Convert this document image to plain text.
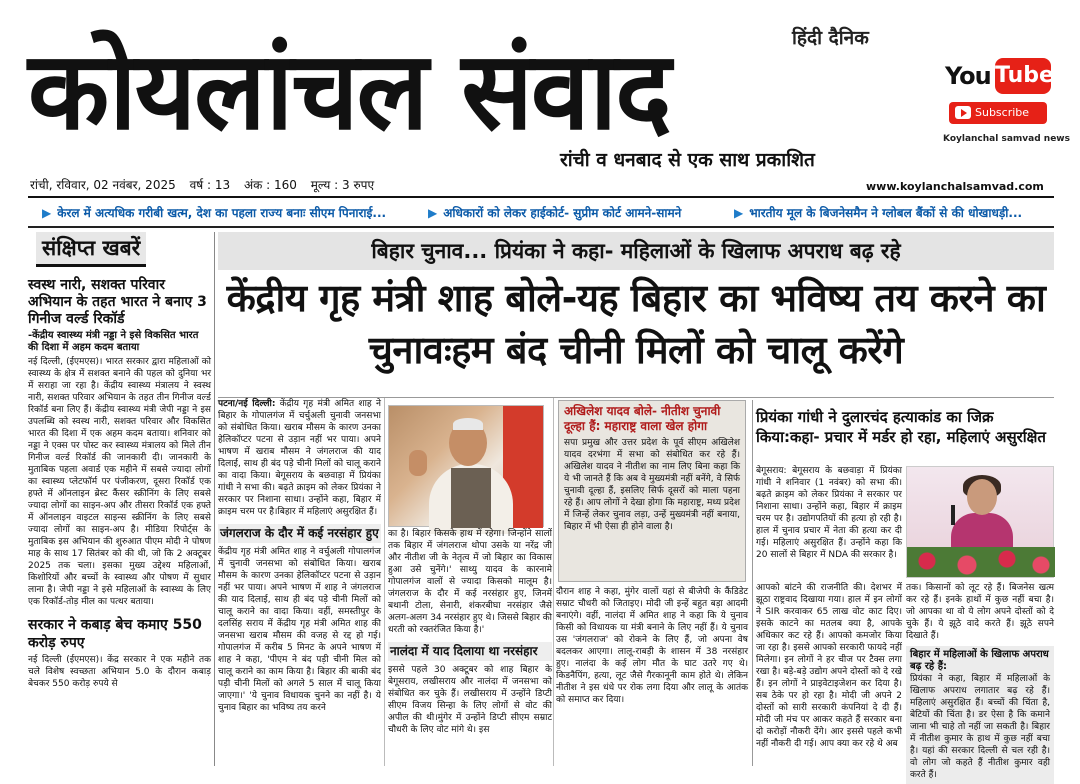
हिंदी दैनिक
कोयलांचल संवाद
रांची व धनबाद से एक साथ प्रकाशित
You Tube
Subscribe
Koylanchal samvad news
रांची, रविवार, 02 नवंबर, 2025 वर्ष : 13 अंक : 160 मूल्य : 3 रुपए	www.koylanchalsamvad.com
▶ केरल में अत्यधिक गरीबी खत्म, देश का पहला राज्य बनाः सीएम पिनाराई...	▶ अधिकारों को लेकर हाईकोर्ट- सुप्रीम कोर्ट आमने-सामने	▶ भारतीय मूल के बिजनेसमैन ने ग्लोबल बैंकों से की धोखाधड़ी...
संक्षिप्त खबरें
स्वस्थ नारी, सशक्त परिवार अभियान के तहत भारत ने बनाए 3 गिनीज वर्ल्ड रिकॉर्ड
-केंद्रीय स्वास्थ्य मंत्री नड्डा ने इसे विकसित भारत की दिशा में अहम कदम बताया
नई दिल्ली, (ईएमएस)। भारत सरकार द्वारा महिलाओं को स्वास्थ्य के क्षेत्र में सशक्त बनाने की पहल को दुनिया भर में सराहा जा रहा है। केंद्रीय स्वास्थ्य मंत्रालय ने स्वस्थ नारी, सशक्त परिवार अभियान के तहत तीन गिनीज वर्ल्ड रिकॉर्ड बना लिए हैं। केंद्रीय स्वास्थ्य मंत्री जेपी नड्डा ने इस उपलब्धि को स्वस्थ नारी, सशक्त परिवार और विकसित भारत की दिशा में एक अहम कदम बताया। शनिवार को नड्डा ने एक्स पर पोस्ट कर स्वास्थ्य मंत्रालय को मिले तीन गिनीज वर्ल्ड रिकॉर्ड की जानकारी दी। जानकारी के मुताबिक पहला अवार्ड एक महीने में सबसे ज्यादा लोगों का स्वास्थ्य प्लेटफॉर्म पर पंजीकरण, दूसरा रिकॉर्ड एक हफ्ते में ऑनलाइन ब्रेस्ट कैंसर स्क्रीनिंग के लिए सबसे ज्यादा लोगों का साइन-अप और तीसरा रिकॉर्ड एक हफ्ते में ऑनलाइन वाइटल साइन्स स्क्रीनिंग के लिए सबसे ज्यादा लोगों का साइन-अप है। मीडिया रिपोर्ट्स के मुताबिक इस अभियान की शुरुआत पीएम मोदी ने पोषण माह के साथ 17 सितंबर को की थी, जो कि 2 अक्टूबर 2025 तक चला। इसका मुख्य उद्देश्य महिलाओं, किशोरियों और बच्चों के स्वास्थ्य और पोषण में सुधार लाना है। जेपी नड्डा ने इसे महिलाओं के स्वास्थ्य के लिए एक रिकॉर्ड-तोड़ मील का पत्थर बताया।
सरकार ने कबाड़ बेच कमाए 550 करोड़ रुपए
नई दिल्ली (ईएमएस)। केंद्र सरकार ने एक महीने तक चले विशेष स्वच्छता अभियान 5.0 के दौरान कबाड़ बेचकर 550 करोड़ रुपये से
बिहार चुनाव... प्रियंका ने कहा- महिलाओं के खिलाफ अपराध बढ़ रहे
केंद्रीय गृह मंत्री शाह बोले-यह बिहार का भविष्य तय करने का चुनावःहम बंद चीनी मिलों को चालू करेंगे
पटना/नई दिल्ली: केंद्रीय गृह मंत्री अमित शाह ने बिहार के गोपालगंज में चर्चुअली चुनावी जनसभा को संबोधित किया। खराब मौसम के कारण उनका हेलिकॉप्टर पटना से उड़ान नहीं भर पाया। अपने भाषण में खराब मौसम ने जंगलराज की याद दिलाई, साथ ही बंद पड़े चीनी मिलों को चालू कराने का वादा किया। बेगूसराय के बछवाड़ा में प्रियंका गांधी ने सभा की। बढ़ते क्राइम को लेकर प्रियंका ने सरकार पर निशाना साधा। उन्होंने कहा, बिहार में क्राइम चरम पर है।बिहार में महिलाएं असुरक्षित हैं।
जंगलराज के दौर में कई नरसंहार हुए
केंद्रीय गृह मंत्री अमित शाह ने वर्चुअली गोपालगंज में चुनावी जनसभा को संबोधित किया। खराब मौसम के कारण उनका हेलिकॉप्टर पटना से उड़ान नहीं भर पाया। अपने भाषण में शाह ने जंगलराज की याद दिलाई, साथ ही बंद पड़े चीनी मिलों को चालू कराने का वादा किया। वहीं, समस्तीपुर के दलसिंह सराय में केंद्रीय गृह मंत्री अमित शाह की जनसभा खराब मौसम की वजह से रद्द हो गई। गोपालगंज में करीब 5 मिनट के अपने भाषण में शाह ने कहा, 'पीएम ने बंद पड़ी चीनी मिल को चालू कराने का काम किया है। बिहार की बाकी बंद पड़ी चीनी मिलों को अगले 5 साल में चालू किया जाएगा।' 'ये चुनाव विधायक चुनने का नहीं है। ये चुनाव बिहार का भविष्य तय करने
का है। बिहार किसके हाथ में रहेगा। जिन्होंने सालों तक बिहार में जंगलराज थोपा उसके या नरेंद्र जी और नीतीश जी के नेतृत्व में जो बिहार का विकास हुआ उसे चुनेंगे।' साथ्यु यादव के कारनामे गोपालगंज वालों से ज्यादा किसको मालूम है। जंगलराज के दौर में कई नरसंहार हुए, जिनमें बथानी टोला, सेनारी, शंकरबीघा नरसंहार जैसे अलग-अलग 34 नरसंहार हुए थे। जिससे बिहार की धरती को रक्तरंजित किया है।'
नालंदा में याद दिलाया था नरसंहार
इससे पहले 30 अक्टूबर को शाह बिहार के बेगूसराय, लखीसराय और नालंदा में जनसभा को संबोधित कर चुके हैं। लखीसराय में उन्होंने डिप्टी सीएम विजय सिन्हा के लिए लोगों से वोट की अपील की थी।मुंगेर में उन्होंने डिप्टी सीएम सम्राट चौधरी के लिए वोट मांगे थे। इस
अखिलेश यादव बोले- नीतीश चुनावी दूल्हा हैं: महाराष्ट्र वाला खेल होगा
सपा प्रमुख और उत्तर प्रदेश के पूर्व सीएम अखिलेश यादव दरभंगा में सभा को संबोधित कर रहे हैं। अखिलेश यादव ने नीतीश का नाम लिए बिना कहा कि ये भी जानते हैं कि अब वे मुख्यमंत्री नहीं बनेंगे, वे सिर्फ चुनावी दूल्हा हैं, इसलिए सिर्फ दूसरों को माला पहना रहे हैं। आप लोगों ने देखा होगा कि महाराष्ट्र, मध्य प्रदेश में जिन्हें लेकर चुनाव लड़ा, उन्हें मुख्यमंत्री नहीं बनाया, बिहार में भी ऐसा ही होने वाला है।
दौरान शाह ने कहा, मुंगेर वालों यहां से बीजेपी के कैंडिडेट सम्राट चौधरी को जिताइए। मोदी जी इन्हें बहुत बड़ा आदमी बनाएंगे। वहीं, नालंदा में अमित शाह ने कहा कि ये चुनाव किसी को विधायक या मंत्री बनाने के लिए नहीं हैं। ये चुनाव उस 'जंगलराज' को रोकने के लिए हैं, जो अपना वेष बदलकर आएगा। लालू-राबड़ी के शासन में 38 नरसंहार हुए। नालंदा के कई लोग मौत के घाट उतरे गए थे। किडनैपिंग, हत्या, लूट जैसे गैरकानूनी काम होते थे। लेकिन नीतीश ने इस धंधे पर रोक लगा दिया और लालू के आतंक को समाप्त कर दिया।
प्रियंका गांधी ने दुलारचंद हत्याकांड का जिक्र किया:कहा- प्रचार में मर्डर हो रहा, महिलाएं असुरक्षित
बेगूसराय: बेगूसराय के बछवाड़ा में प्रियंका गांधी ने शनिवार (1 नवंबर) को सभा की। बढ़ते क्राइम को लेकर प्रियंका ने सरकार पर निशाना साधा। उन्होंने कहा, बिहार में क्राइम चरम पर है। उद्योगपतियों की हत्या हो रही है। हाल में चुनाव प्रचार में नेता की हत्या कर दी गई। महिलाएं असुरक्षित हैं। उन्होंने कहा कि 20 सालों से बिहार में NDA की सरकार है।
आपको बांटने की राजनीति की। देशभर में झूठा राष्ट्रवाद दिखाया गया। हाल में इन लोगों ने SIR करवाकर 65 लाख वोट काट दिए। इसके काटने का मतलब क्या है, आपके अधिकार कट रहे हैं। आपको कमजोर किया जा रहा है। इससे आपको सरकारी फायदे नहीं मिलेगा। इन लोगों ने हर चीज पर टैक्स लगा रखा है। बड़े-बड़े उद्योग अपने दोस्तों को दे रखे हैं। इन लोगों ने प्राइवेटाइजेशन कर दिया है। सब ठेके पर हो रहा है। मोदी जी अपने 2 दोस्तों को सारी सरकारी कंपनियां दे दी हैं। मोदी जी मंच पर आकर कहते हैं सरकार बना दो करोड़ों नौकरी देंगे। आर इससे पहले कभी नहीं नौकरी दी गई। आप क्या कर रहे थे अब
तक। किसानों को लूट रहे हैं। बिजनेस खत्म कर रहे हैं। इनके हाथों में कुछ नहीं बचा है। जो आपका था वो ये लोग अपने दोस्तों को दे चुके हैं। ये झूठे वादे करते हैं। झूठे सपने दिखाते हैं।
बिहार में महिलाओं के खिलाफ अपराध बढ़ रहे हैं:
प्रियंका ने कहा, बिहार में महिलाओं के खिलाफ अपराध लगातार बढ़ रहे हैं। महिलाएं असुरक्षित हैं। बच्चों की चिंता है, बेटियों की चिंता है। डर ऐसा है कि कमाने जाना भी चाहे तो नहीं जा सकती है। बिहार में नीतीश कुमार के हाथ में कुछ नहीं बचा है। यहां की सरकार दिल्ली से चल रही है। वो लोग जो कहते हैं नीतीश कुमार वही करते हैं।
